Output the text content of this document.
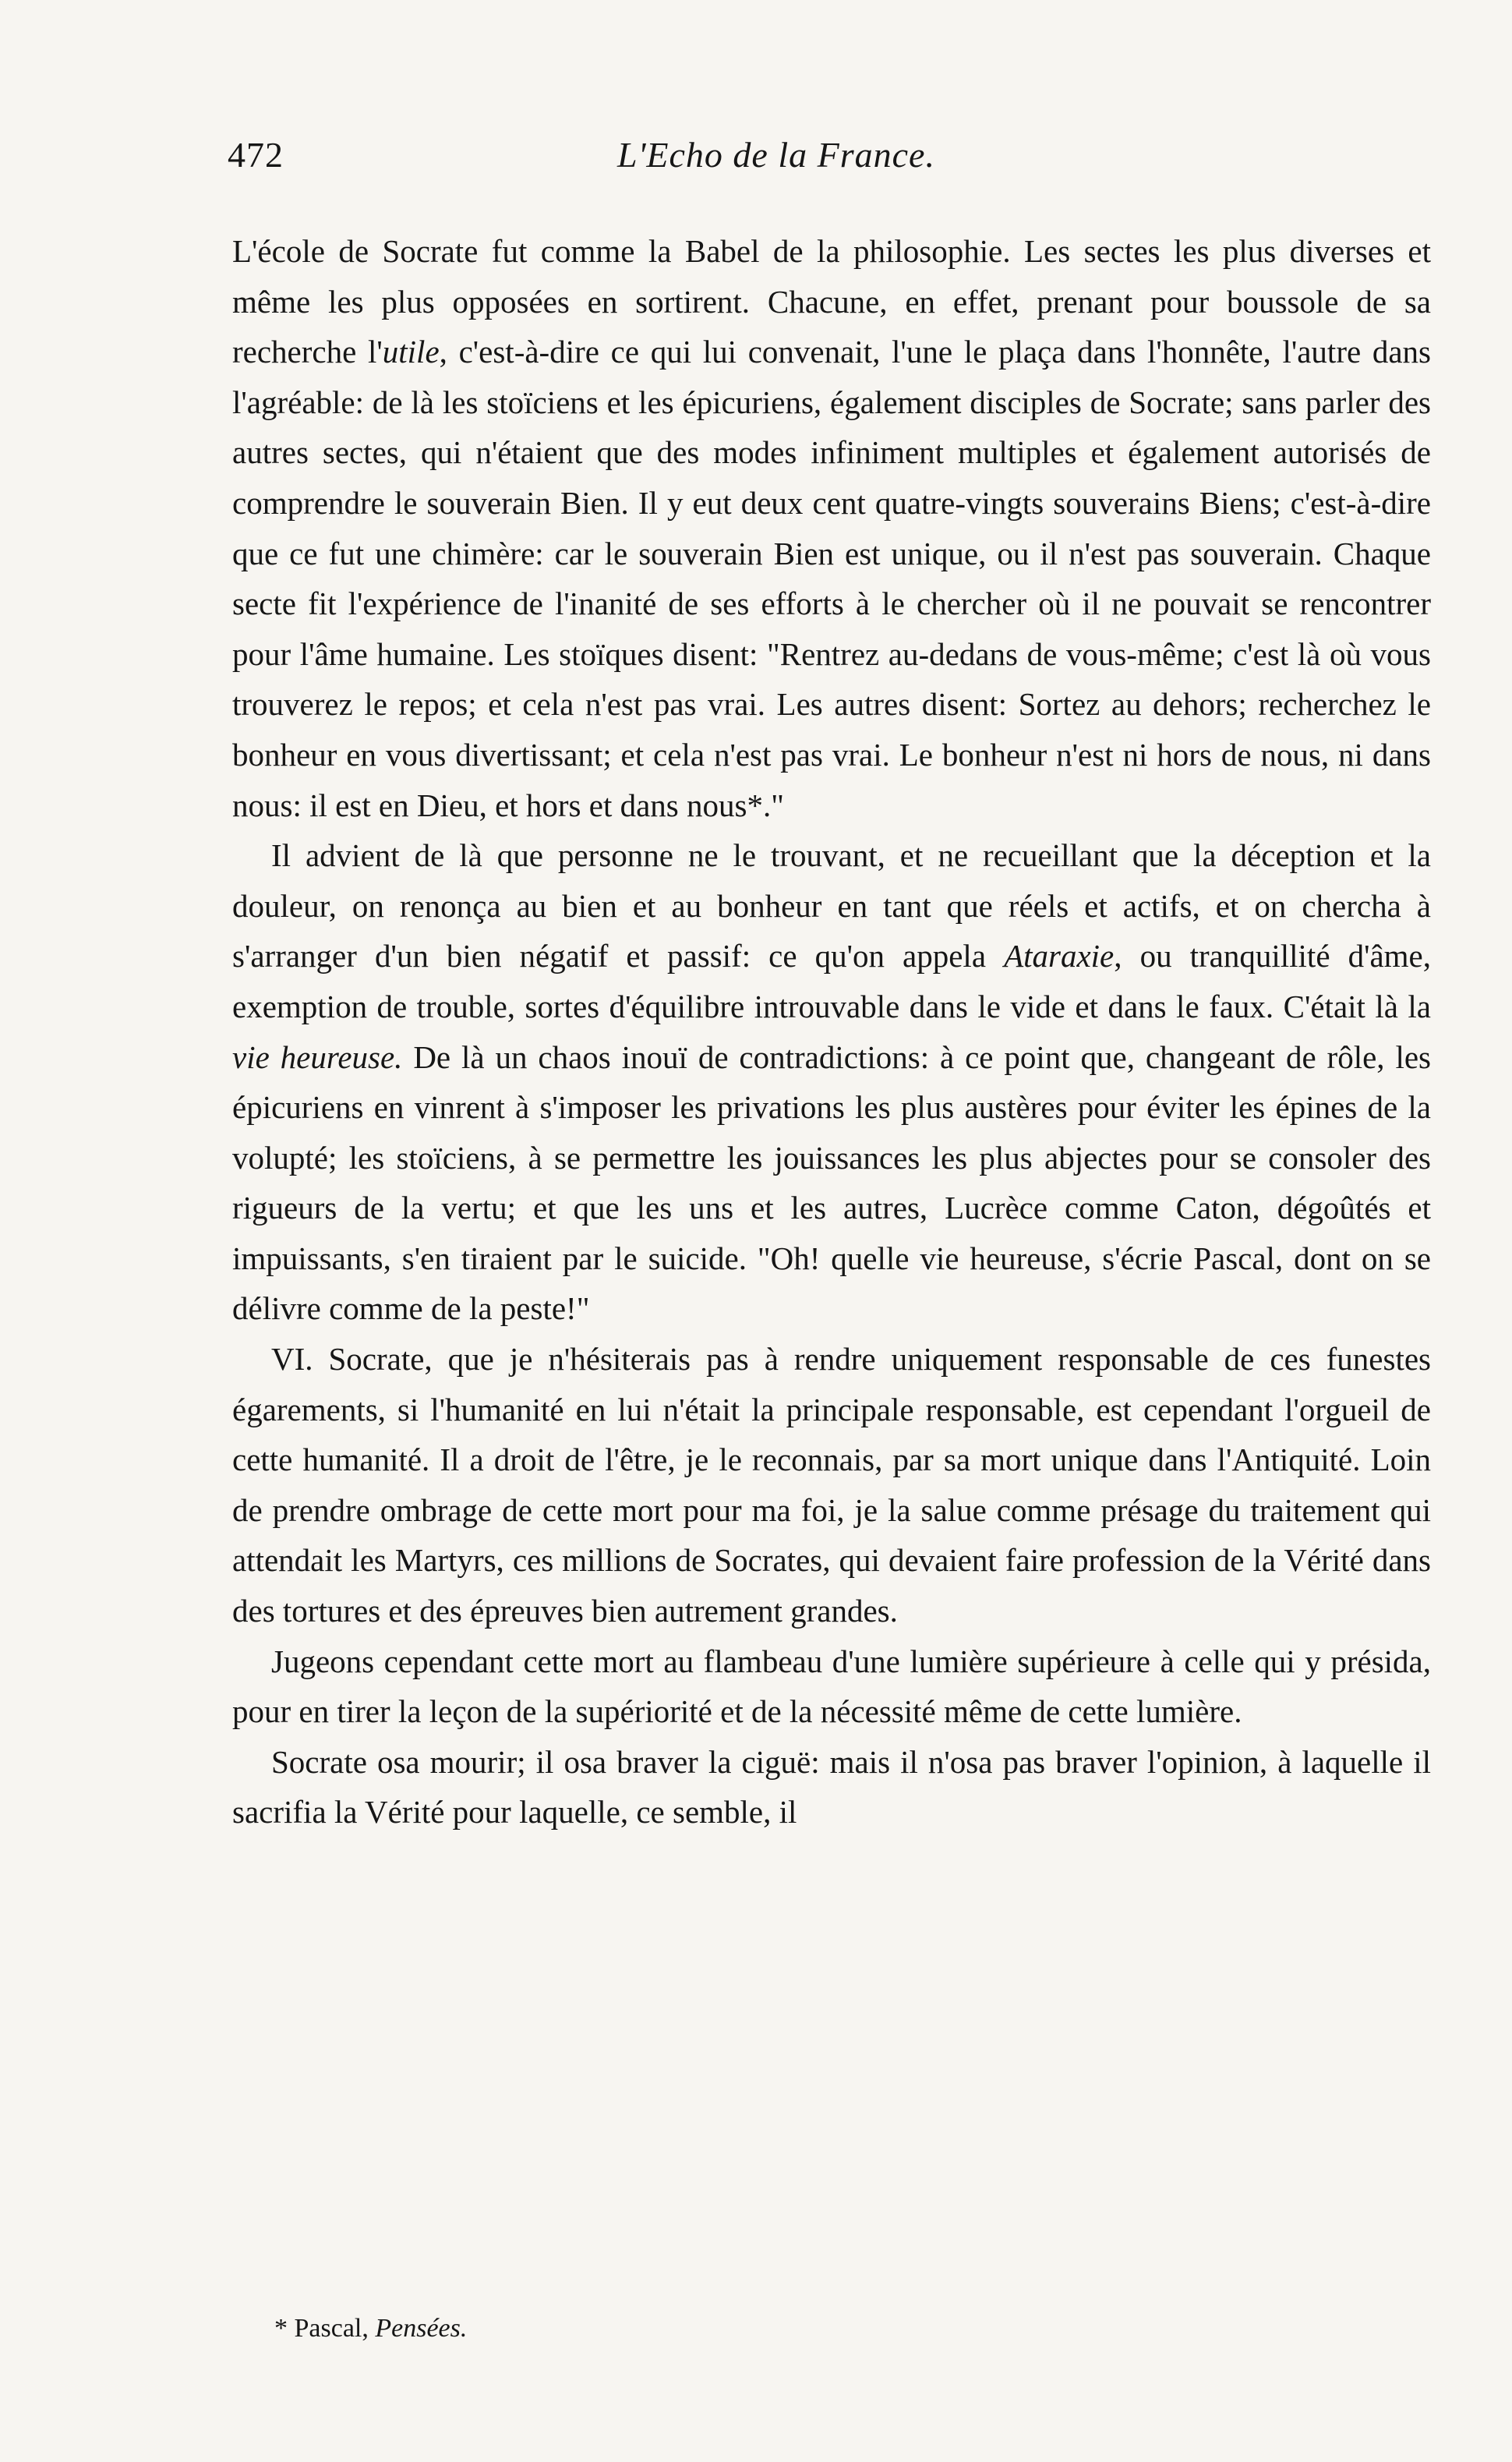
472	L'Echo de la France.

L'école de Socrate fut comme la Babel de la philosophie. Les sectes les plus diverses et même les plus opposées en sortirent. Chacune, en effet, prenant pour boussole de sa recherche l'utile, c'est-à-dire ce qui lui convenait, l'une le plaça dans l'honnête, l'autre dans l'agréable: de là les stoïciens et les épicuriens, également disciples de Socrate; sans parler des autres sectes, qui n'étaient que des modes infiniment multiples et également autorisés de comprendre le souverain Bien. Il y eut deux cent quatre-vingts souverains Biens; c'est-à-dire que ce fut une chimère: car le souverain Bien est unique, ou il n'est pas souverain. Chaque secte fit l'expérience de l'inanité de ses efforts à le chercher où il ne pouvait se rencontrer pour l'âme humaine. Les stoïques disent: "Rentrez au-dedans de vous-même; c'est là où vous trouverez le repos; et cela n'est pas vrai. Les autres disent: Sortez au dehors; recherchez le bonheur en vous divertissant; et cela n'est pas vrai. Le bonheur n'est ni hors de nous, ni dans nous: il est en Dieu, et hors et dans nous*."

Il advient de là que personne ne le trouvant, et ne recueillant que la déception et la douleur, on renonça au bien et au bonheur en tant que réels et actifs, et on chercha à s'arranger d'un bien négatif et passif: ce qu'on appela Ataraxie, ou tranquillité d'âme, exemption de trouble, sortes d'équilibre introuvable dans le vide et dans le faux. C'était là la vie heureuse. De là un chaos inouï de contradictions: à ce point que, changeant de rôle, les épicuriens en vinrent à s'imposer les privations les plus austères pour éviter les épines de la volupté; les stoïciens, à se permettre les jouissances les plus abjectes pour se consoler des rigueurs de la vertu; et que les uns et les autres, Lucrèce comme Caton, dégoûtés et impuissants, s'en tiraient par le suicide. "Oh! quelle vie heureuse, s'écrie Pascal, dont on se délivre comme de la peste!"

VI. Socrate, que je n'hésiterais pas à rendre uniquement responsable de ces funestes égarements, si l'humanité en lui n'était la principale responsable, est cependant l'orgueil de cette humanité. Il a droit de l'être, je le reconnais, par sa mort unique dans l'Antiquité. Loin de prendre ombrage de cette mort pour ma foi, je la salue comme présage du traitement qui attendait les Martyrs, ces millions de Socrates, qui devaient faire profession de la Vérité dans des tortures et des épreuves bien autrement grandes.

Jugeons cependant cette mort au flambeau d'une lumière supérieure à celle qui y présida, pour en tirer la leçon de la supériorité et de la nécessité même de cette lumière.

Socrate osa mourir; il osa braver la ciguë: mais il n'osa pas braver l'opinion, à laquelle il sacrifia la Vérité pour laquelle, ce semble, il

* Pascal, Pensées.
